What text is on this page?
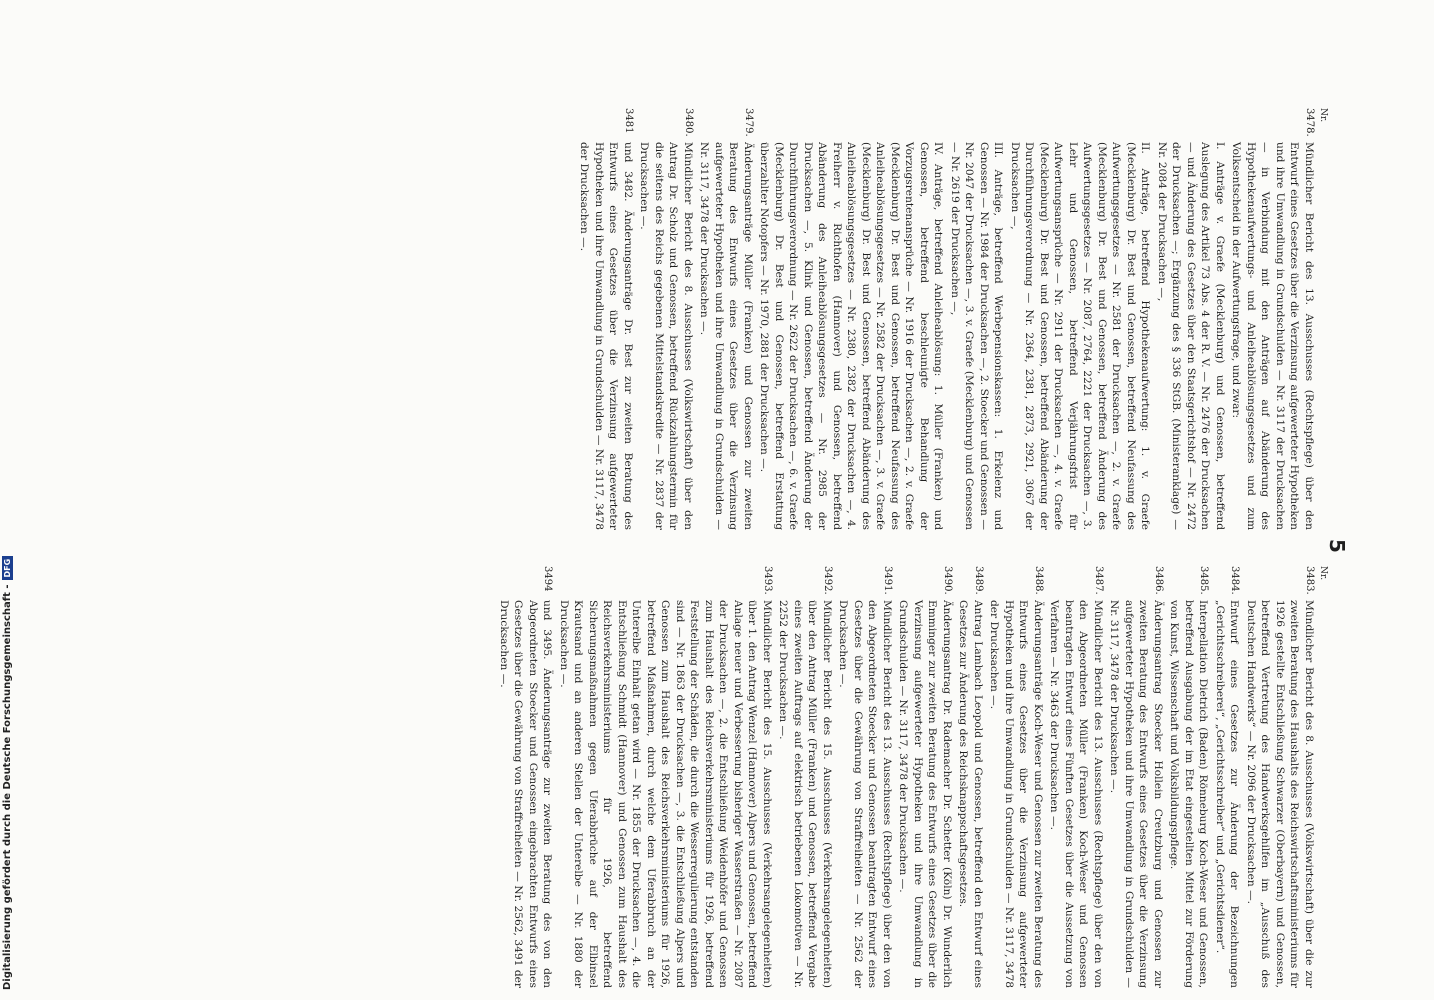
5
Nr.
3478.

Mündlicher Bericht des 13. Ausschusses (Rechtspflege) über den Entwurf eines Gesetzes über die Verzinsung aufgewerteter Hypotheken und ihre Umwandlung in Grundschulden — Nr. 3117 der Drucksachen — in Verbindung mit den Anträgen auf Abänderung des Hypothekenaufwertungs- und Anleiheablösungsgesetzes und zum Volksentscheid in der Aufwertungsfrage, und zwar:

I. Anträge v. Graefe (Mecklenburg) und Genossen, betreffend Auslegung des Artikel 73 Abs. 4 der R. V. — Nr. 2476 der Drucksachen — und Änderung des Gesetzes über den Staatsgerichtshof — Nr. 2472 der Drucksachen —; Ergänzung des § 336 StGB. (Ministeranklage) — Nr. 2084 der Drucksachen —,

II. Anträge, betreffend Hypothekenaufwertung: 1. v. Graefe (Mecklenburg) Dr. Best und Genossen, betreffend Neufassung des Aufwertungsgesetzes — Nr. 2581 der Drucksachen —, 2. v. Graefe (Mecklenburg) Dr. Best und Genossen, betreffend Änderung des Aufwertungsgesetzes — Nr. 2087, 2764, 2221 der Drucksachen —, 3. Lehr und Genossen, betreffend Verjährungsfrist für Aufwertungsansprüche — Nr. 2911 der Drucksachen —, 4. v. Graefe (Mecklenburg) Dr. Best und Genossen, betreffend Abänderung der Durchführungsverordnung — Nr. 2364, 2381, 2873, 2921, 3067 der Drucksachen —,

III. Anträge, betreffend Werbepensionskassen: 1. Erkelenz und Genossen — Nr. 1984 der Drucksachen —, 2. Stoecker und Genossen — Nr. 2047 der Drucksachen —, 3. v. Graefe (Mecklenburg) und Genossen — Nr. 2619 der Drucksachen —,

IV. Anträge, betreffend Anleiheablösung: 1. Müller (Franken) und Genossen, betreffend beschleunigte Behandlung der Vorzugsrentenansprüche — Nr. 1916 der Drucksachen —, 2. v. Graefe (Mecklenburg) Dr. Best und Genossen, betreffend Neufassung des Anleiheablösungsgesetzes — Nr. 2582 der Drucksachen —, 3. v. Graefe (Mecklenburg) Dr. Best und Genossen, betreffend Abänderung des Anleiheablösungsgesetzes — Nr. 2380, 2382 der Drucksachen —, 4. Freiherr v. Richthofen (Hannover) und Genossen, betreffend Abänderung des Anleiheablösungsgesetzes — Nr. 2985 der Drucksachen —, 5. Klink und Genossen, betreffend Änderung der Durchführungsverordnung — Nr. 2622 der Drucksachen —, 6. v. Graefe (Mecklenburg) Dr. Best und Genossen, betreffend Erstattung überzahlter Notopfers — Nr. 1970, 2881 der Drucksachen —.

3479.

Änderungsanträge Müller (Franken) und Genossen zur zweiten Beratung des Entwurfs eines Gesetzes über die Verzinsung aufgewerteter Hypotheken und ihre Umwandlung in Grundschulden — Nr. 3117, 3478 der Drucksachen —.

3480.

Mündlicher Bericht des 8. Ausschusses (Volkswirtschaft) über den Antrag Dr. Scholz und Genossen, betreffend Rückzahlungstermin für die seitens des Reichs gegebenen Mittelstandskredite — Nr. 2837 der Drucksachen —.

3481

und 3482. Änderungsanträge Dr. Best zur zweiten Beratung des Entwurfs eines Gesetzes über die Verzinsung aufgewerteter Hypotheken und ihre Umwandlung in Grundschulden — Nr. 3117, 3478 der Drucksachen —.

Nr.
3483.

Mündlicher Bericht des 8. Ausschusses (Volkswirtschaft) über die zur zweiten Beratung des Haushalts des Reichswirtschaftsministeriums für 1926 gestellte Entschließung Schwarzer (Oberbayern) und Genossen, betreffend Vertretung des Handwerksgehilfen im „Ausschuß des Deutschen Handwerks“ — Nr. 2096 der Drucksachen —.

3484.

Entwurf eines Gesetzes zur Änderung der Bezeichnungen „Gerichtsschreiberei“, „Gerichtsschreiber“ und „Gerichtsdiener“.

3485.

Interpellation Dietrich (Baden) Rönneburg Koch-Weser und Genossen, betreffend Ausgabung der im Etat eingestellten Mittel zur Förderung von Kunst, Wissenschaft und Volksbildungspflege.

3486.

Änderungsantrag Stoecker Hollein Creutzburg und Genossen zur zweiten Beratung des Entwurfs eines Gesetzes über die Verzinsung aufgewerteter Hypotheken und ihre Umwandlung in Grundschulden — Nr. 3117, 3478 der Drucksachen —.

3487.

Mündlicher Bericht des 13. Ausschusses (Rechtspflege) über den von den Abgeordneten Müller (Franken) Koch-Weser und Genossen beantragten Entwurf eines Fünften Gesetzes über die Aussetzung von Verfahren — Nr. 3463 der Drucksachen —.

3488.

Änderungsanträge Koch-Weser und Genossen zur zweiten Beratung des Entwurfs eines Gesetzes über die Verzinsung aufgewerteter Hypotheken und ihre Umwandlung in Grundschulden — Nr. 3117, 3478 der Drucksachen —.

3489.

Antrag Lambach Leopold und Genossen, betreffend den Entwurf eines Gesetzes zur Änderung des Reichsknappschaftsgesetzes.

3490.

Änderungsantrag Dr. Rademacher Dr. Schetter (Köln) Dr. Wunderlich Emminger zur zweiten Beratung des Entwurfs eines Gesetzes über die Verzinsung aufgewerteter Hypotheken und ihre Umwandlung in Grundschulden — Nr. 3117, 3478 der Drucksachen —.

3491.

Mündlicher Bericht des 13. Ausschusses (Rechtspflege) über den von den Abgeordneten Stoecker und Genossen beantragten Entwurf eines Gesetzes über die Gewährung von Straffreiheiten — Nr. 2562 der Drucksachen —.

3492.

Mündlicher Bericht des 15. Ausschusses (Verkehrsangelegenheiten) über den Antrag Müller (Franken) und Genossen, betreffend Vergabe eines zweiten Auftrags auf elektrisch betriebenen Lokomotiven — Nr. 2252 der Drucksachen —.

3493.

Mündlicher Bericht des 15. Ausschusses (Verkehrsangelegenheiten) über 1. den Antrag Wenzel (Hannover) Alpers und Genossen, betreffend Anlage neuer und Verbesserung bisheriger Wasserstraßen — Nr. 2087 der Drucksachen —, 2. die Entschließung Weidenhöfer und Genossen zum Haushalt des Reichsverkehrsministeriums für 1926, betreffend Feststellung der Schäden, die durch die Wesserregulierung entstanden sind — Nr. 1863 der Drucksachen —, 3. die Entschließung Alpers und Genossen zum Haushalt des Reichsverkehrsministeriums für 1926, betreffend Maßnahmen, durch welche dem Uferabbruch an der Unterelbe Einhalt getan wird — Nr. 1855 der Drucksachen —, 4. die Entschließung Schmidt (Hannover) und Genossen zum Haushalt des Reichsverkehrsministeriums für 1926, betreffend Sicherungsmaßnahmen gegen Uferabbrüche auf der Elbinsel Krautsand und an anderen Stellen der Unterelbe — Nr. 1880 der Drucksachen —.

3494

und 3495. Änderungsanträge zur zweiten Beratung des von den Abgeordneten Stoecker und Genossen eingebrachten Entwurfs eines Gesetzes über die Gewährung von Straffreiheiten — Nr. 2562, 3491 der Drucksachen —.

Digitalisierung gefördert durch die Deutsche Forschungsgemeinschaft -
DFG
